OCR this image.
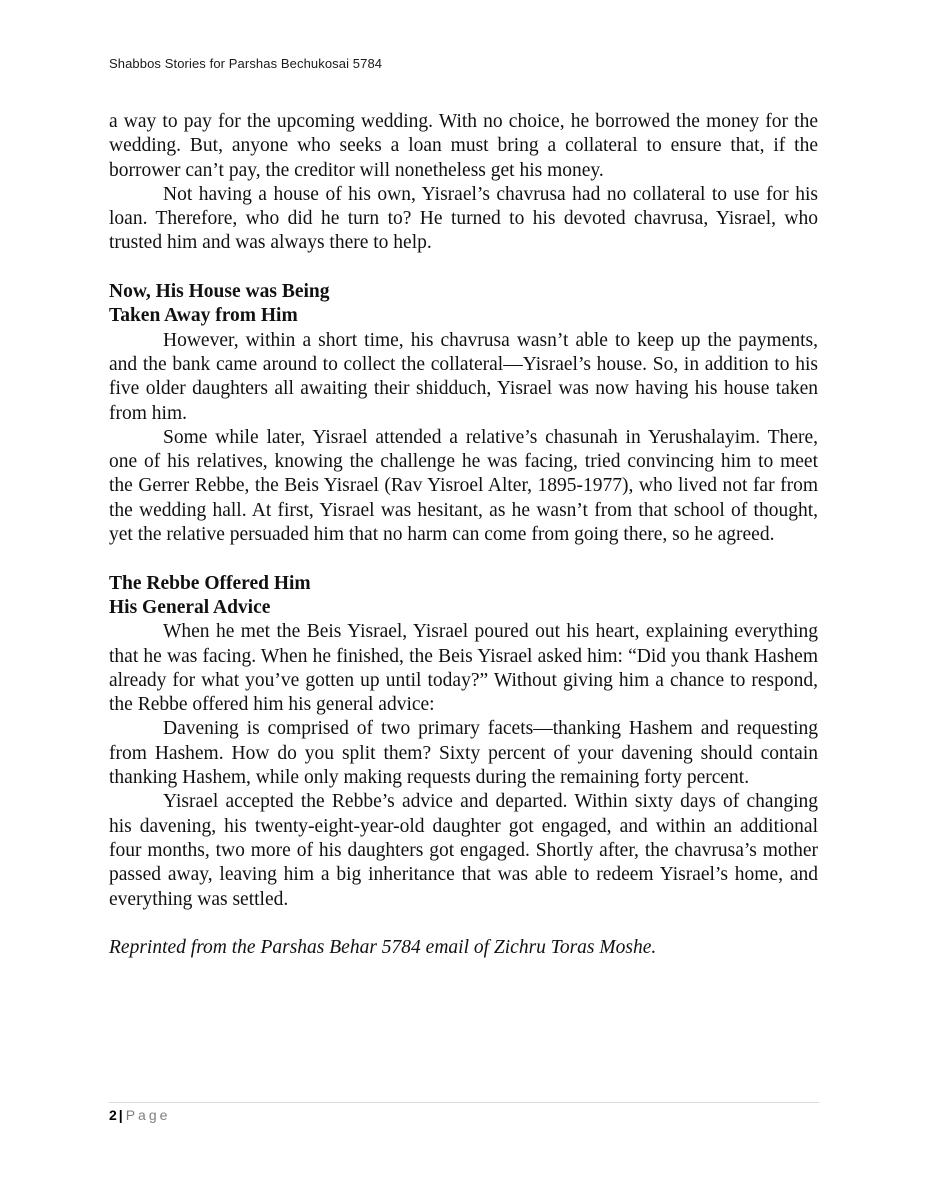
Shabbos Stories for Parshas Bechukosai 5784

a way to pay for the upcoming wedding. With no choice, he borrowed the money for the wedding. But, anyone who seeks a loan must bring a collateral to ensure that, if the borrower can’t pay, the creditor will nonetheless get his money.

Not having a house of his own, Yisrael’s chavrusa had no collateral to use for his loan. Therefore, who did he turn to? He turned to his devoted chavrusa, Yisrael, who trusted him and was always there to help.

Now, His House was Being

Taken Away from Him

However, within a short time, his chavrusa wasn’t able to keep up the payments, and the bank came around to collect the collateral—Yisrael’s house. So, in addition to his five older daughters all awaiting their shidduch, Yisrael was now having his house taken from him.

Some while later, Yisrael attended a relative’s chasunah in Yerushalayim. There, one of his relatives, knowing the challenge he was facing, tried convincing him to meet the Gerrer Rebbe, the Beis Yisrael (Rav Yisroel Alter, 1895-1977), who lived not far from the wedding hall. At first, Yisrael was hesitant, as he wasn’t from that school of thought, yet the relative persuaded him that no harm can come from going there, so he agreed.

The Rebbe Offered Him

His General Advice

When he met the Beis Yisrael, Yisrael poured out his heart, explaining everything that he was facing. When he finished, the Beis Yisrael asked him: “Did you thank Hashem already for what you’ve gotten up until today?” Without giving him a chance to respond, the Rebbe offered him his general advice:

Davening is comprised of two primary facets—thanking Hashem and requesting from Hashem. How do you split them? Sixty percent of your davening should contain thanking Hashem, while only making requests during the remaining forty percent.

Yisrael accepted the Rebbe’s advice and departed. Within sixty days of changing his davening, his twenty-eight-year-old daughter got engaged, and within an additional four months, two more of his daughters got engaged. Shortly after, the chavrusa’s mother passed away, leaving him a big inheritance that was able to redeem Yisrael’s home, and everything was settled.

Reprinted from the Parshas Behar 5784 email of Zichru Toras Moshe.

2 | Page
